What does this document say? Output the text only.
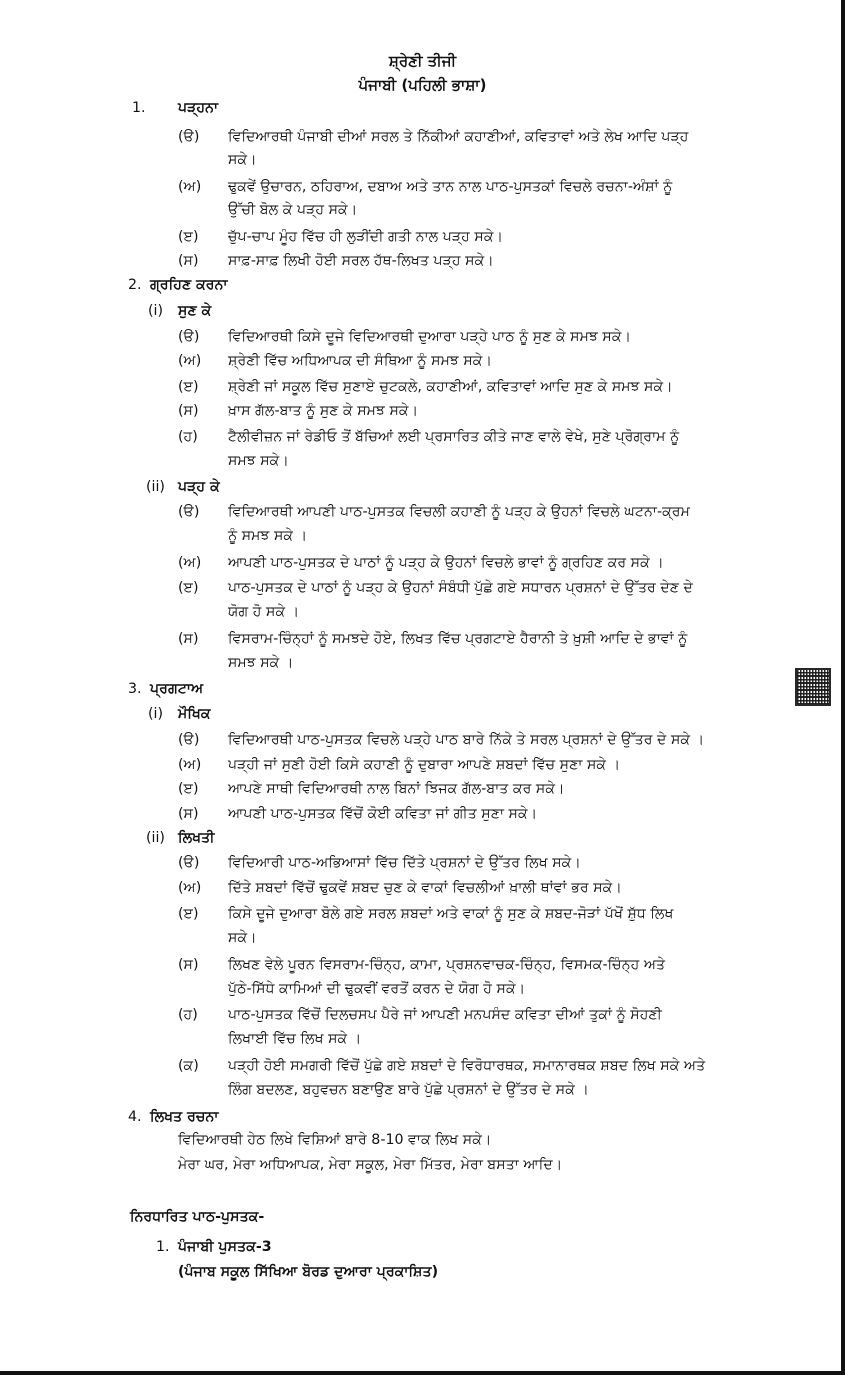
ਸ਼੍ਰੇਣੀ ਤੀਜੀ
ਪੰਜਾਬੀ (ਪਹਿਲੀ ਭਾਸ਼ਾ)
1. ਪੜ੍ਹਨਾ
(ੳ) ਵਿਦਿਆਰਥੀ ਪੰਜਾਬੀ ਦੀਆਂ ਸਰਲ ਤੇ ਨਿੱਕੀਆਂ ਕਹਾਣੀਆਂ, ਕਵਿਤਾਵਾਂ ਅਤੇ ਲੇਖ ਆਦਿ ਪੜ੍ਹ
ਸਕੇ।
(ਅ) ਢੁਕਵੇਂ ਉਚਾਰਨ, ਠਹਿਰਾਅ, ਦਬਾਅ ਅਤੇ ਤਾਨ ਨਾਲ ਪਾਠ-ਪੁਸਤਕਾਂ ਵਿਚਲੇ ਰਚਨਾ-ਅੰਸ਼ਾਂ ਨੂੰ
ਉੱਚੀ ਬੋਲ ਕੇ ਪੜ੍ਹ ਸਕੇ।
(ੲ) ਚੁੱਪ-ਚਾਪ ਮੂੰਹ ਵਿੱਚ ਹੀ ਲੁੜੀਂਦੀ ਗਤੀ ਨਾਲ ਪੜ੍ਹ ਸਕੇ।
(ਸ) ਸਾਫ਼-ਸਾਫ਼ ਲਿਖੀ ਹੋਈ ਸਰਲ ਹੱਥ-ਲਿਖਤ ਪੜ੍ਹ ਸਕੇ।
2. ਗ੍ਰਹਿਣ ਕਰਨਾ
(i) ਸੁਣ ਕੇ
(ੳ) ਵਿਦਿਆਰਥੀ ਕਿਸੇ ਦੂਜੇ ਵਿਦਿਆਰਥੀ ਦੁਆਰਾ ਪੜ੍ਹੇ ਪਾਠ ਨੂੰ ਸੁਣ ਕੇ ਸਮਝ ਸਕੇ।
(ਅ) ਸ਼੍ਰੇਣੀ ਵਿੱਚ ਅਧਿਆਪਕ ਦੀ ਸੰਥਿਆ ਨੂੰ ਸਮਝ ਸਕੇ।
(ੲ) ਸ਼੍ਰੇਣੀ ਜਾਂ ਸਕੂਲ ਵਿੱਚ ਸੁਣਾਏ ਚੁਟਕਲੇ, ਕਹਾਣੀਆਂ, ਕਵਿਤਾਵਾਂ ਆਦਿ ਸੁਣ ਕੇ ਸਮਝ ਸਕੇ।
(ਸ) ਖ਼ਾਸ ਗੱਲ-ਬਾਤ ਨੂੰ ਸੁਣ ਕੇ ਸਮਝ ਸਕੇ।
(ਹ) ਟੈਲੀਵੀਜ਼ਨ ਜਾਂ ਰੇਡੀਓ ਤੋਂ ਬੱਚਿਆਂ ਲਈ ਪ੍ਰਸਾਰਿਤ ਕੀਤੇ ਜਾਣ ਵਾਲੇ ਵੇਖੇ, ਸੁਣੇ ਪ੍ਰੋਗ੍ਰਾਮ ਨੂੰ
ਸਮਝ ਸਕੇ।
(ii) ਪੜ੍ਹ ਕੇ
(ੳ) ਵਿਦਿਆਰਥੀ ਆਪਣੀ ਪਾਠ-ਪੁਸਤਕ ਵਿਚਲੀ ਕਹਾਣੀ ਨੂੰ ਪੜ੍ਹ ਕੇ ਉਹਨਾਂ ਵਿਚਲੇ ਘਟਨਾ-ਕ੍ਰਮ
ਨੂੰ ਸਮਝ ਸਕੇ ।
(ਅ) ਆਪਣੀ ਪਾਠ-ਪੁਸਤਕ ਦੇ ਪਾਠਾਂ ਨੂੰ ਪੜ੍ਹ ਕੇ ਉਹਨਾਂ ਵਿਚਲੇ ਭਾਵਾਂ ਨੂੰ ਗ੍ਰਹਿਣ ਕਰ ਸਕੇ ।
(ੲ) ਪਾਠ-ਪੁਸਤਕ ਦੇ ਪਾਠਾਂ ਨੂੰ ਪੜ੍ਹ ਕੇ ਉਹਨਾਂ ਸੰਬੰਧੀ ਪੁੱਛੇ ਗਏ ਸਧਾਰਨ ਪ੍ਰਸ਼ਨਾਂ ਦੇ ਉੱਤਰ ਦੇਣ ਦੇ
ਯੋਗ ਹੋ ਸਕੇ ।
(ਸ) ਵਿਸਰਾਮ-ਚਿੰਨ੍ਹਾਂ ਨੂੰ ਸਮਝਦੇ ਹੋਏ, ਲਿਖਤ ਵਿੱਚ ਪ੍ਰਗਟਾਏ ਹੈਰਾਨੀ ਤੇ ਖ਼ੁਸ਼ੀ ਆਦਿ ਦੇ ਭਾਵਾਂ ਨੂੰ
ਸਮਝ ਸਕੇ ।
3. ਪ੍ਰਗਟਾਅ
(i) ਮੌਖਿਕ
(ੳ) ਵਿਦਿਆਰਥੀ ਪਾਠ-ਪੁਸਤਕ ਵਿਚਲੇ ਪੜ੍ਹੇ ਪਾਠ ਬਾਰੇ ਨਿੱਕੇ ਤੇ ਸਰਲ ਪ੍ਰਸ਼ਨਾਂ ਦੇ ਉੱਤਰ ਦੇ ਸਕੇ ।
(ਅ) ਪੜ੍ਹੀ ਜਾਂ ਸੁਣੀ ਹੋਈ ਕਿਸੇ ਕਹਾਣੀ ਨੂੰ ਦੁਬਾਰਾ ਆਪਣੇ ਸ਼ਬਦਾਂ ਵਿੱਚ ਸੁਣਾ ਸਕੇ ।
(ੲ) ਆਪਣੇ ਸਾਥੀ ਵਿਦਿਆਰਥੀ ਨਾਲ ਬਿਨਾਂ ਝਿਜਕ ਗੱਲ-ਬਾਤ ਕਰ ਸਕੇ।
(ਸ) ਆਪਣੀ ਪਾਠ-ਪੁਸਤਕ ਵਿੱਚੋਂ ਕੋਈ ਕਵਿਤਾ ਜਾਂ ਗੀਤ ਸੁਣਾ ਸਕੇ।
(ii) ਲਿਖਤੀ
(ੳ) ਵਿਦਿਆਰੀ ਪਾਠ-ਅਭਿਆਸਾਂ ਵਿੱਚ ਦਿੱਤੇ ਪ੍ਰਸ਼ਨਾਂ ਦੇ ਉੱਤਰ ਲਿਖ ਸਕੇ।
(ਅ) ਦਿੱਤੇ ਸ਼ਬਦਾਂ ਵਿੱਚੋਂ ਢੁਕਵੇਂ ਸ਼ਬਦ ਚੁਣ ਕੇ ਵਾਕਾਂ ਵਿਚਲੀਆਂ ਖ਼ਾਲੀ ਥਾਂਵਾਂ ਭਰ ਸਕੇ।
(ੲ) ਕਿਸੇ ਦੂਜੇ ਦੁਆਰਾ ਬੋਲੇ ਗਏ ਸਰਲ ਸ਼ਬਦਾਂ ਅਤੇ ਵਾਕਾਂ ਨੂੰ ਸੁਣ ਕੇ ਸ਼ਬਦ-ਜੋੜਾਂ ਪੱਖੋਂ ਸ਼ੁੱਧ ਲਿਖ
ਸਕੇ।
(ਸ) ਲਿਖਣ ਵੇਲੇ ਪੂਰਨ ਵਿਸਰਾਮ-ਚਿੰਨ੍ਹ, ਕਾਮਾ, ਪ੍ਰਸ਼ਨਵਾਚਕ-ਚਿੰਨ੍ਹ, ਵਿਸਮਕ-ਚਿੰਨ੍ਹ ਅਤੇ
ਪੁੱਠੇ-ਸਿੱਧੇ ਕਾਮਿਆਂ ਦੀ ਢੁਕਵੀਂ ਵਰਤੋਂ ਕਰਨ ਦੇ ਯੋਗ ਹੋ ਸਕੇ।
(ਹ) ਪਾਠ-ਪੁਸਤਕ ਵਿੱਚੋਂ ਦਿਲਚਸਪ ਪੈਰੇ ਜਾਂ ਆਪਣੀ ਮਨਪਸੰਦ ਕਵਿਤਾ ਦੀਆਂ ਤੁਕਾਂ ਨੂੰ ਸੋਹਣੀ
ਲਿਖਾਈ ਵਿੱਚ ਲਿਖ ਸਕੇ ।
(ਕ) ਪੜ੍ਹੀ ਹੋਈ ਸਮਗਰੀ ਵਿੱਚੋਂ ਪੁੱਛੇ ਗਏ ਸ਼ਬਦਾਂ ਦੇ ਵਿਰੋਧਾਰਥਕ, ਸਮਾਨਾਰਥਕ ਸ਼ਬਦ ਲਿਖ ਸਕੇ ਅਤੇ
ਲਿੰਗ ਬਦਲਣ, ਬਹੁਵਚਨ ਬਣਾਉਣ ਬਾਰੇ ਪੁੱਛੇ ਪ੍ਰਸ਼ਨਾਂ ਦੇ ਉੱਤਰ ਦੇ ਸਕੇ ।
4. ਲਿਖਤ ਰਚਨਾ
ਵਿਦਿਆਰਥੀ ਹੇਠ ਲਿਖੇ ਵਿਸ਼ਿਆਂ ਬਾਰੇ 8-10 ਵਾਕ ਲਿਖ ਸਕੇ।
ਮੇਰਾ ਘਰ, ਮੇਰਾ ਅਧਿਆਪਕ, ਮੇਰਾ ਸਕੂਲ, ਮੇਰਾ ਮਿੱਤਰ, ਮੇਰਾ ਬਸਤਾ ਆਦਿ।
ਨਿਰਧਾਰਿਤ ਪਾਠ-ਪੁਸਤਕ-
1. ਪੰਜਾਬੀ ਪੁਸਤਕ-3
(ਪੰਜਾਬ ਸਕੂਲ ਸਿੱਖਿਆ ਬੋਰਡ ਦੁਆਰਾ ਪ੍ਰਕਾਸ਼ਿਤ)
